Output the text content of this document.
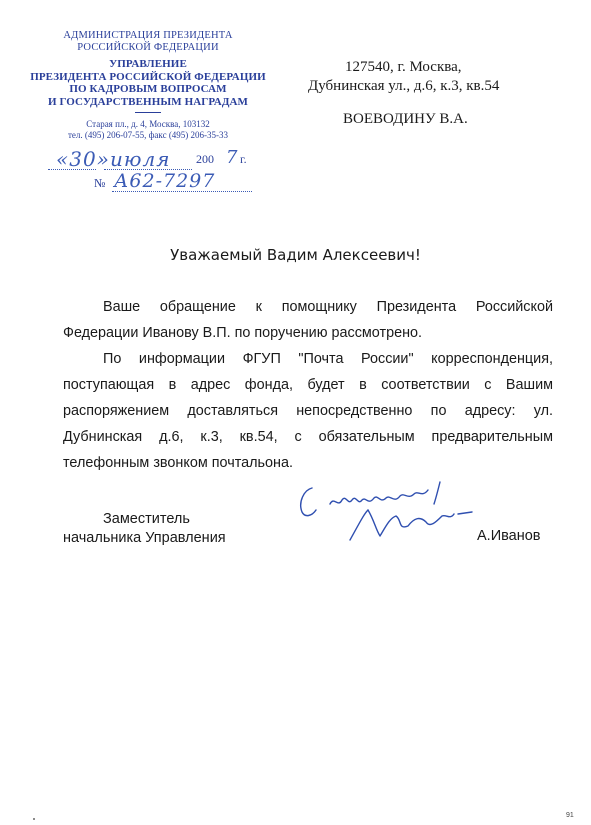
АДМИНИСТРАЦИЯ ПРЕЗИДЕНТА
РОССИЙСКОЙ ФЕДЕРАЦИИ
УПРАВЛЕНИЕ
ПРЕЗИДЕНТА РОССИЙСКОЙ ФЕДЕРАЦИИ
ПО КАДРОВЫМ ВОПРОСАМ
И ГОСУДАРСТВЕННЫМ НАГРАДАМ
Старая пл., д. 4, Москва, 103132
тел. (495) 206-07-55, факс (495) 206-35-33
«30» июля 200 7 г.
№ А62-7297
127540, г. Москва,
Дубнинская ул., д.6, к.3, кв.54
ВОЕВОДИНУ В.А.
Уважаемый Вадим Алексеевич!

Ваше обращение к помощнику Президента Российской Федерации Иванову В.П. по поручению рассмотрено.

По информации ФГУП "Почта России" корреспонденция, поступающая в адрес фонда, будет в соответствии с Вашим распоряжением доставляться непосредственно по адресу: ул. Дубнинская д.6, к.3, кв.54, с обязательным предварительным телефонным звонком почтальона.

Заместитель
начальника Управления	А.Иванов
91
